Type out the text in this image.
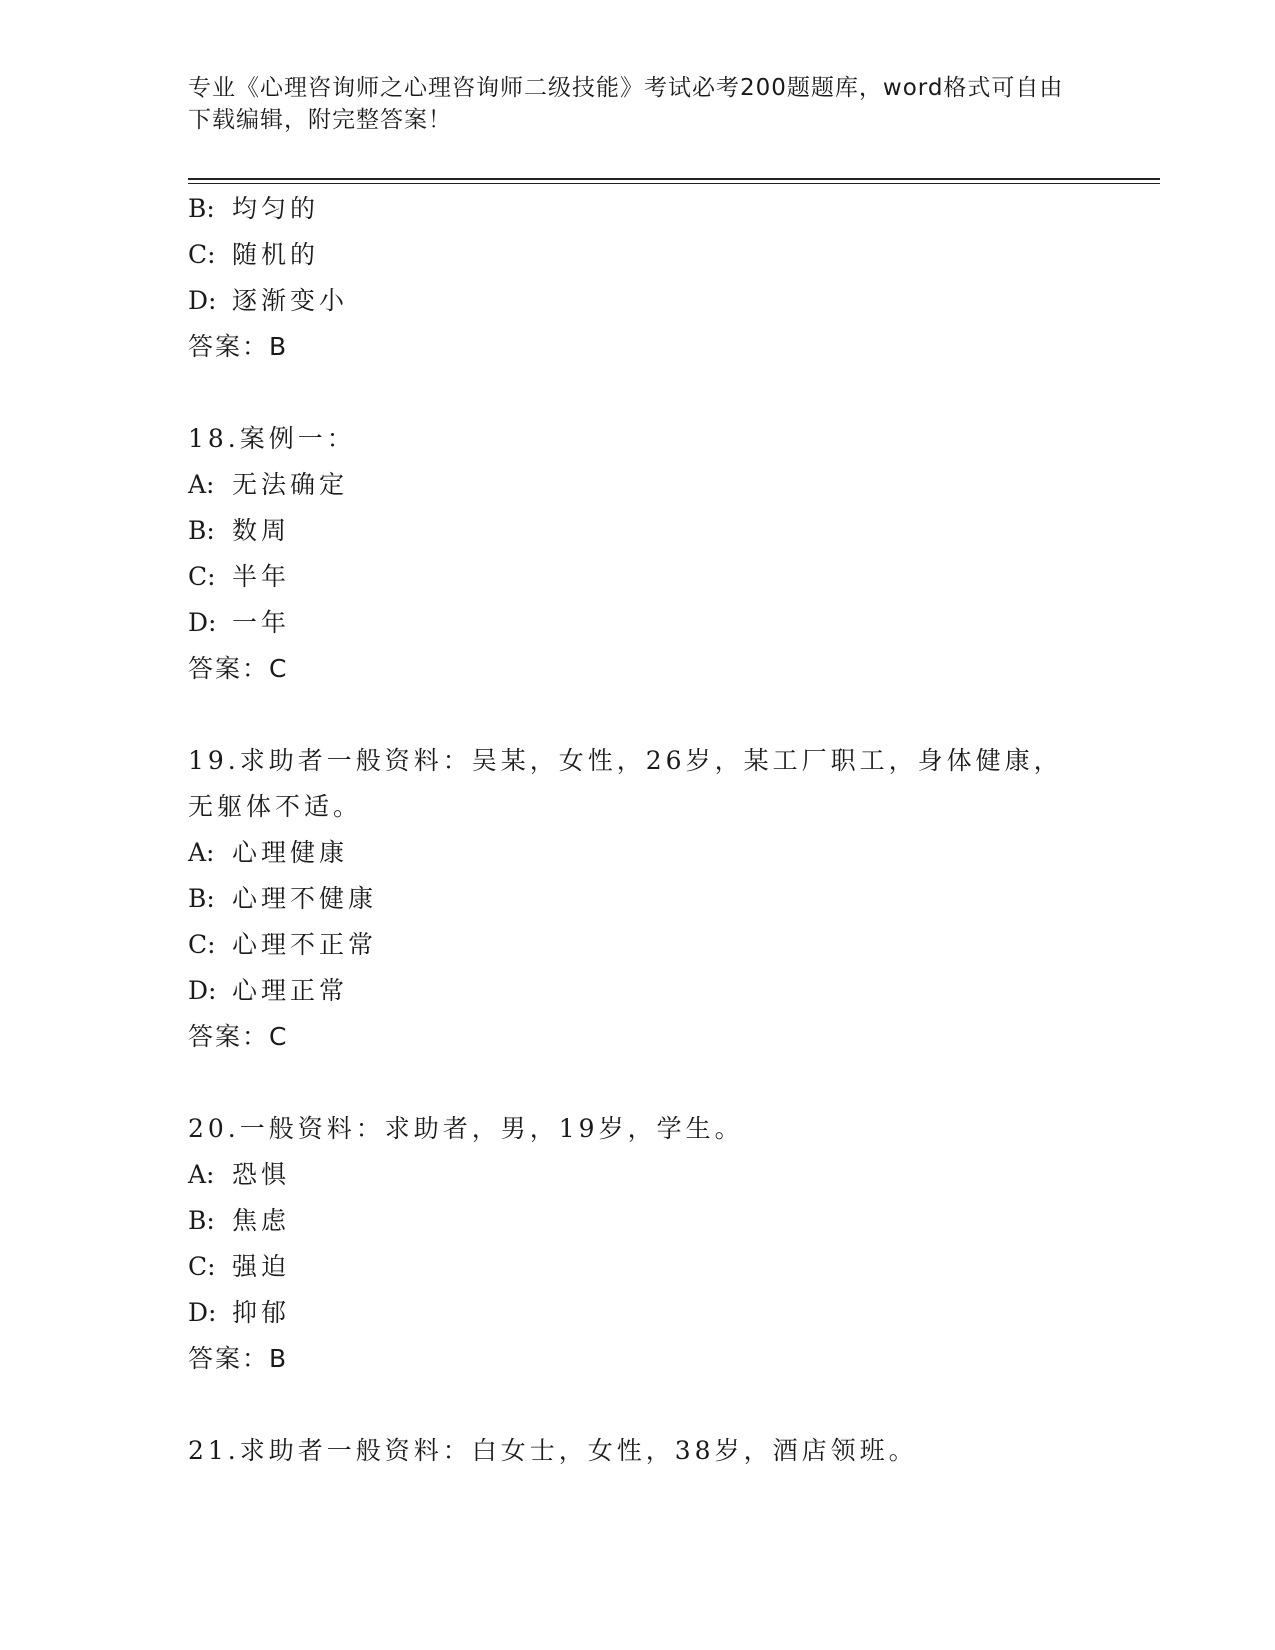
专业《心理咨询师之心理咨询师二级技能》考试必考200题题库，word格式可自由下载编辑，附完整答案！
B: 均匀的
C: 随机的
D: 逐渐变小
答案：B
18.案例一：
A: 无法确定
B: 数周
C: 半年
D: 一年
答案：C
19.求助者一般资料：吴某，女性，26岁，某工厂职工，身体健康，无躯体不适。
A: 心理健康
B: 心理不健康
C: 心理不正常
D: 心理正常
答案：C
20.一般资料：求助者，男，19岁，学生。
A: 恐惧
B: 焦虑
C: 强迫
D: 抑郁
答案：B
21.求助者一般资料：白女士，女性，38岁，酒店领班。
